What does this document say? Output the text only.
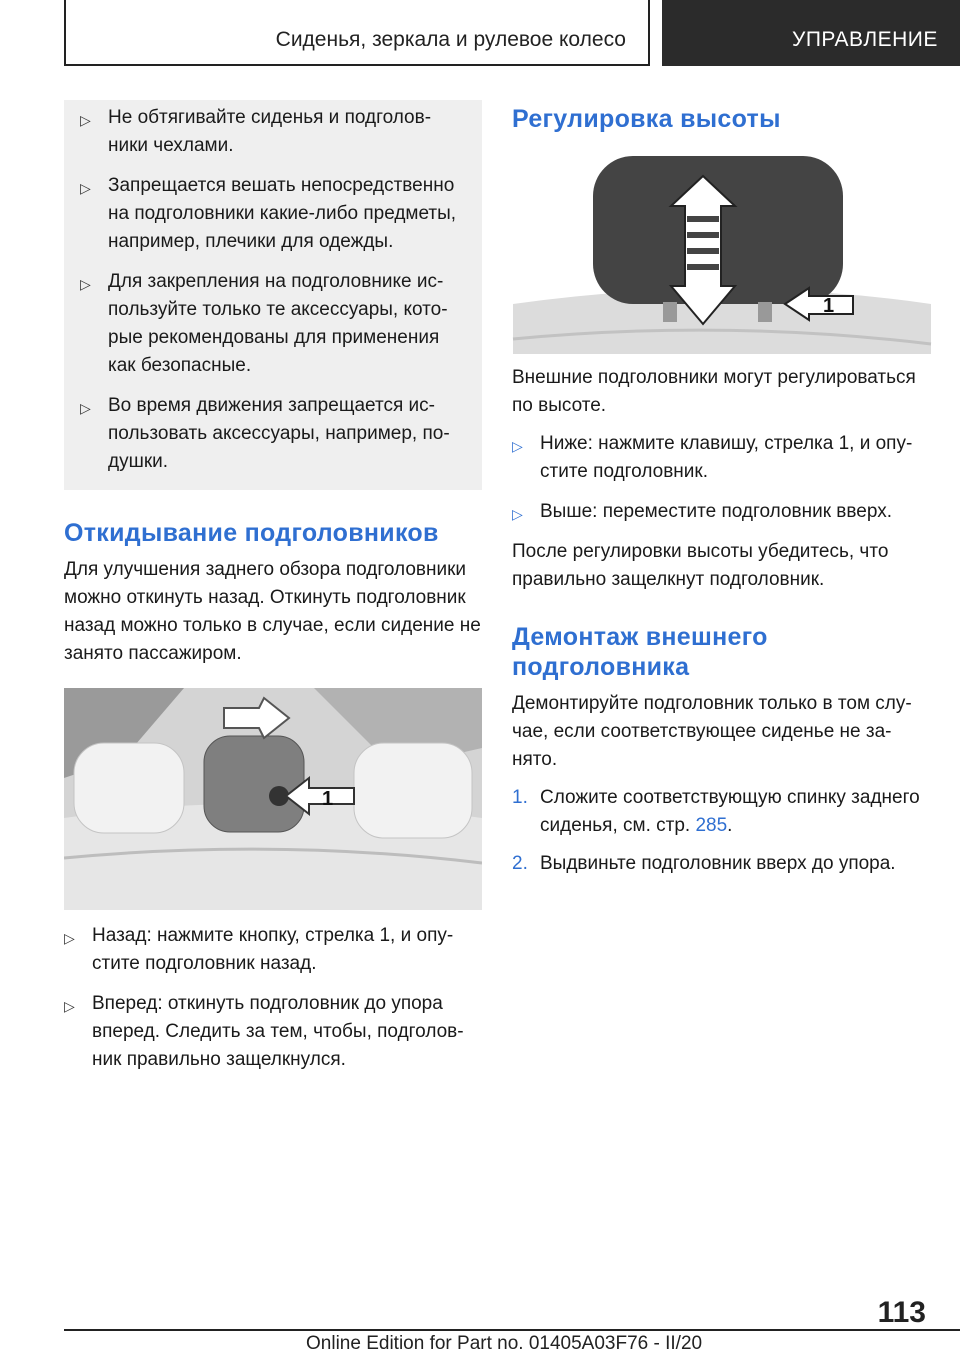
Сиденья, зеркала и рулевое колесо	УПРАВЛЕНИЕ
▷ Не обтягивайте сиденья и подголов-ники чехлами.
▷ Запрещается вешать непосредственно на подголовники какие-либо предметы, например, плечики для одежды.
▷ Для закрепления на подголовнике ис-пользуйте только те аксессуары, кото-рые рекомендованы для применения как безопасные.
▷ Во время движения запрещается ис-пользовать аксессуары, например, по-душки.
Откидывание подголовников

Для улучшения заднего обзора подголовники можно откинуть назад. Откинуть подголовник назад можно только в случае, если сидение не занято пассажиром.

1
▷ Назад: нажмите кнопку, стрелка 1, и опу-стите подголовник назад.
▷ Вперед: откинуть подголовник до упора вперед. Следить за тем, чтобы, подголов-ник правильно защелкнулся.
Регулировка высоты
1

Внешние подголовники могут регулироваться по высоте.

▷ Ниже: нажмите клавишу, стрелка 1, и опу-стите подголовник.
▷ Выше: переместите подголовник вверх.

После регулировки высоты убедитесь, что правильно защелкнут подголовник.

Демонтаж внешнего подголовника

Демонтируйте подголовник только в том слу-чае, если соответствующее сиденье не за-нято.

1. Сложите соответствующую спинку заднего сиденья, см. стр. 285.
2. Выдвиньте подголовник вверх до упора.
113
Online Edition for Part no. 01405A03F76 - II/20
